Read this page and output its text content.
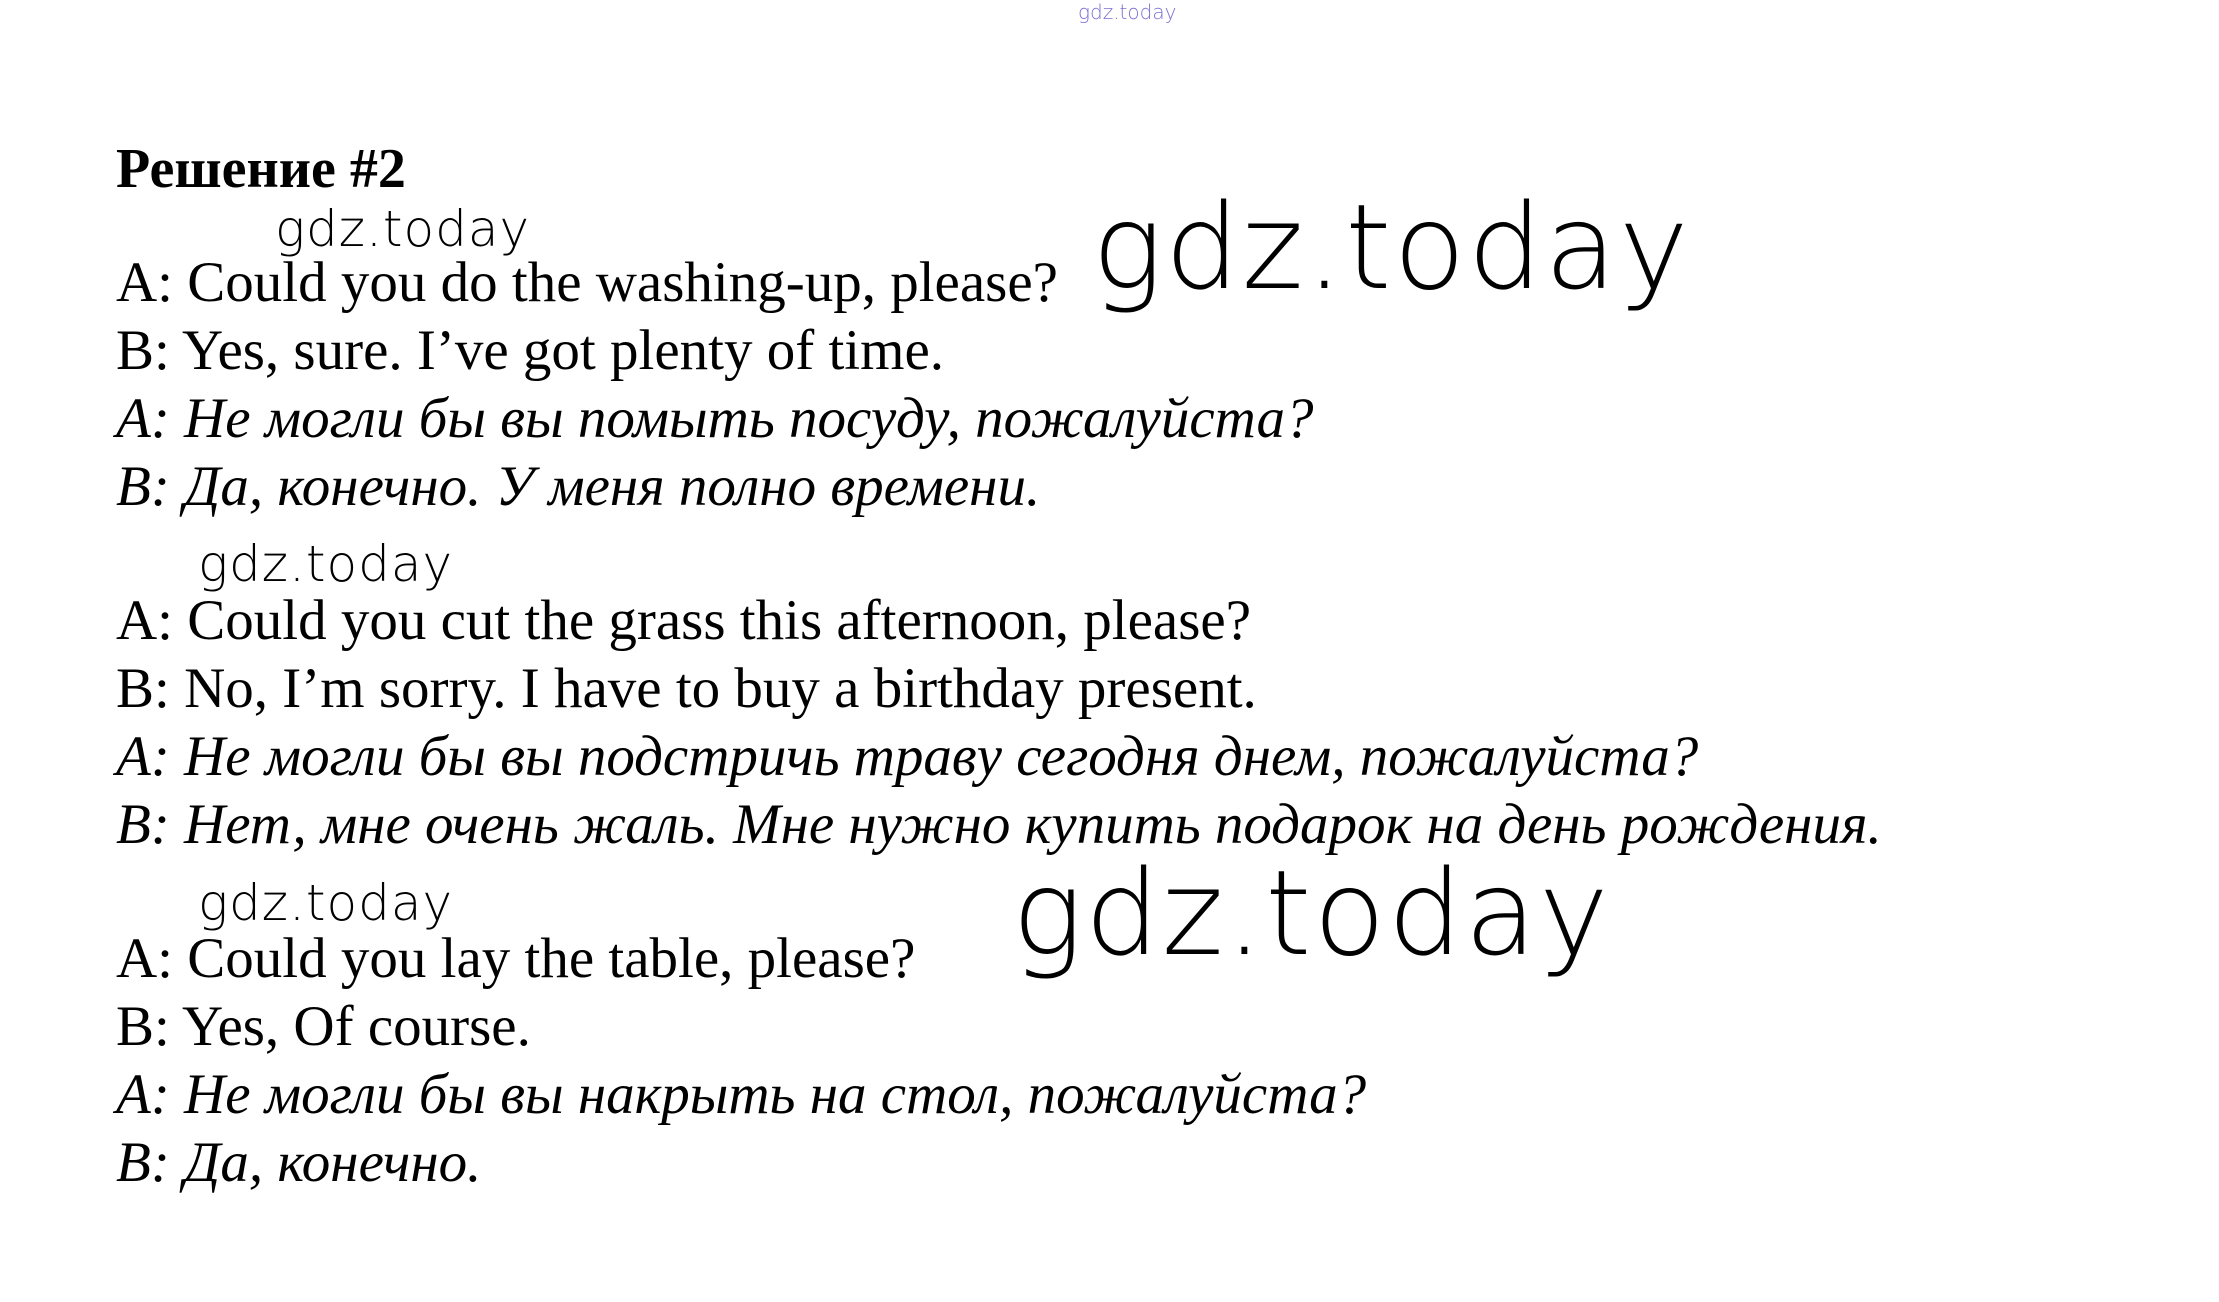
gdz.today
gdz.today	gdz.today
gdz.today
gdz.today	gdz.today
Решение #2
A: Could you do the washing-up, please?
B: Yes, sure. I’ve got plenty of time.
A: Не могли бы вы помыть посуду, пожалуйста?
B: Да, конечно. У меня полно времени.
A: Could you cut the grass this afternoon, please?
B: No, I’m sorry. I have to buy a birthday present.
A: Не могли бы вы подстричь траву сегодня днем, пожалуйста?
B: Нет, мне очень жаль. Мне нужно купить подарок на день рождения.
A: Could you lay the table, please?
B: Yes, Of course.
A: Не могли бы вы накрыть на стол, пожалуйста?
B: Да, конечно.
